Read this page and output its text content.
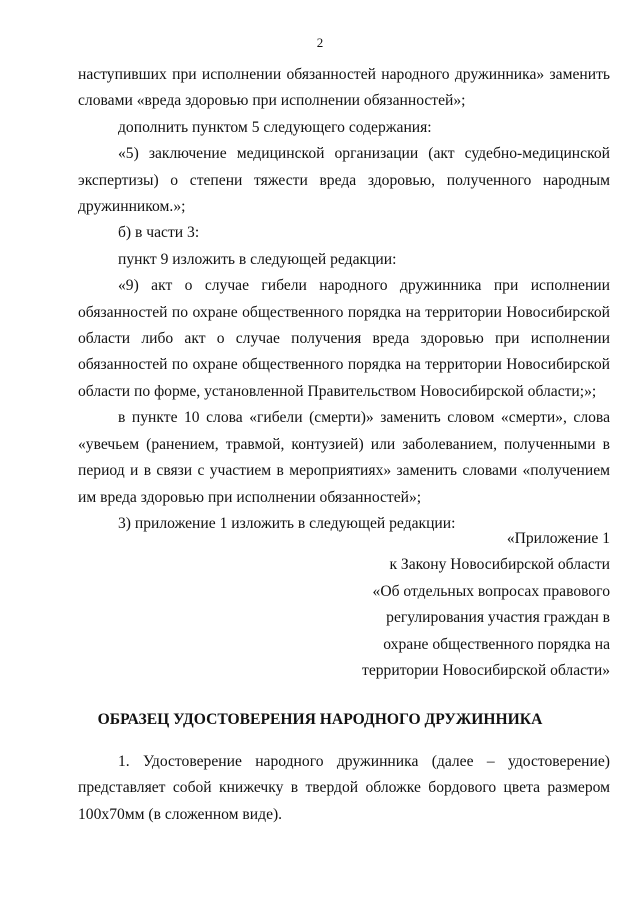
2

наступивших при исполнении обязанностей народного дружинника» заменить словами «вреда здоровью при исполнении обязанностей»;

дополнить пунктом 5 следующего содержания:

«5) заключение медицинской организации (акт судебно-медицинской экспертизы) о степени тяжести вреда здоровью, полученного народным дружинником.»;

б) в части 3:

пункт 9 изложить в следующей редакции:

«9) акт о случае гибели народного дружинника при исполнении обязанностей по охране общественного порядка на территории Новосибирской области либо акт о случае получения вреда здоровью при исполнении обязанностей по охране общественного порядка на территории Новосибирской области по форме, установленной Правительством Новосибирской области;»;

в пункте 10 слова «гибели (смерти)» заменить словом «смерти», слова «увечьем (ранением, травмой, контузией) или заболеванием, полученными в период и в связи с участием в мероприятиях» заменить словами «получением им вреда здоровью при исполнении обязанностей»;

3) приложение 1 изложить в следующей редакции:

«Приложение 1
к Закону Новосибирской области
«Об отдельных вопросах правового
регулирования участия граждан в
охране общественного порядка на
территории Новосибирской области»
ОБРАЗЕЦ УДОСТОВЕРЕНИЯ НАРОДНОГО ДРУЖИННИКА

1. Удостоверение народного дружинника (далее – удостоверение) представляет собой книжечку в твердой обложке бордового цвета размером 100х70мм (в сложенном виде).
